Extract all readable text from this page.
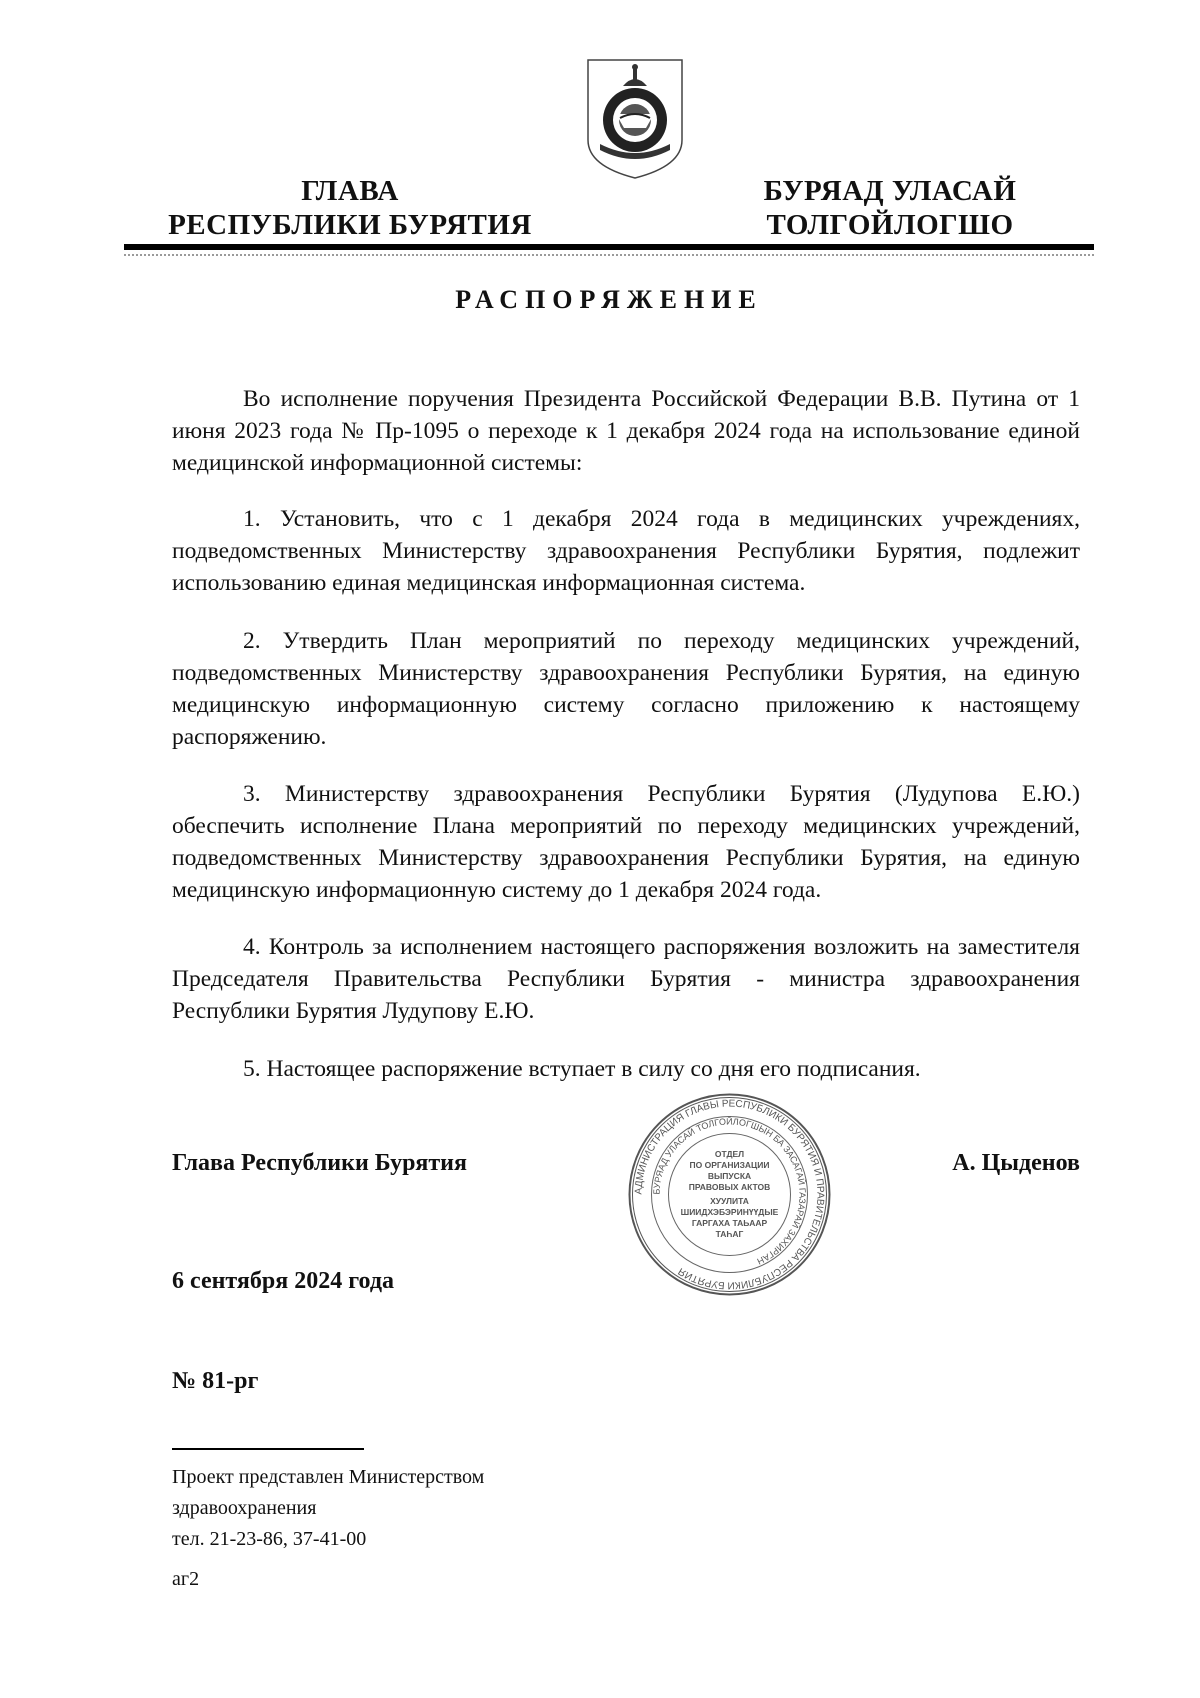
ГЛАВА
РЕСПУБЛИКИ БУРЯТИЯ
БУРЯАД УЛАСАЙ
ТОЛГОЙЛОГШО
РАСПОРЯЖЕНИЕ

Во исполнение поручения Президента Российской Федерации В.В. Путина от 1 июня 2023 года № Пр-1095 о переходе к 1 декабря 2024 года на использование единой медицинской информационной системы:

1. Установить, что с 1 декабря 2024 года в медицинских учреждениях, подведомственных Министерству здравоохранения Республики Бурятия, подлежит использованию единая медицинская информационная система.

2. Утвердить План мероприятий по переходу медицинских учреждений, подведомственных Министерству здравоохранения Республики Бурятия, на единую медицинскую информационную систему согласно приложению к настоящему распоряжению.

3. Министерству здравоохранения Республики Бурятия (Лудупова Е.Ю.) обеспечить исполнение Плана мероприятий по переходу медицинских учреждений, подведомственных Министерству здравоохранения Республики Бурятия, на единую медицинскую информационную систему до 1 декабря 2024 года.

4. Контроль за исполнением настоящего распоряжения возложить на заместителя Председателя Правительства Республики Бурятия - министра здравоохранения Республики Бурятия Лудупову Е.Ю.

5. Настоящее распоряжение вступает в силу со дня его подписания.

Глава Республики Бурятия	А. Цыденов
6 сентября 2024 года
№ 81-рг
АДМИНИСТРАЦИЯ ГЛАВЫ РЕСПУБЛИКИ БУРЯТИЯ И ПРАВИТЕЛЬСТВА РЕСПУБЛИКИ БУРЯТИЯ
БУРЯАД УЛАСАЙ ТОЛГОЙЛОГШЫН БА ЗАСАГАЙ ГАЗАРАЙ ЗАХИРГАН
ОТДЕЛ
ПО ОРГАНИЗАЦИИ
ВЫПУСКА
ПРАВОВЫХ АКТОВ
ХУУЛИТА
ШИИДХЭБЭРИНҮҮДЫЕ
ГАРГАХА ТАЬААР
ТАҺАГ
Проект представлен Министерством
здравоохранения
тел. 21-23-86, 37-41-00
аг2
